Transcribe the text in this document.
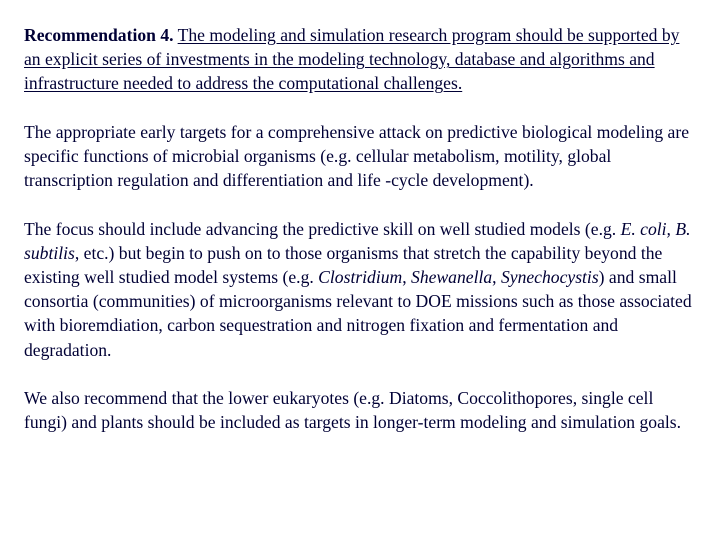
Recommendation 4. The modeling and simulation research program should be supported by an explicit series of investments in the modeling technology, database and algorithms and infrastructure needed to address the computational challenges.

The appropriate early targets for a comprehensive attack on predictive biological modeling are specific functions of microbial organisms (e.g. cellular metabolism, motility, global transcription regulation and differentiation and life -cycle development).

The focus should include advancing the predictive skill on well studied models (e.g. E. coli, B. subtilis, etc.) but begin to push on to those organisms that stretch the capability beyond the existing well studied model systems (e.g. Clostridium, Shewanella, Synechocystis) and small consortia (communities) of microorganisms relevant to DOE missions such as those associated with bioremdiation, carbon sequestration and nitrogen fixation and fermentation and degradation.

We also recommend that the lower eukaryotes (e.g. Diatoms, Coccolithopores, single cell fungi) and plants should be included as targets in longer-term modeling and simulation goals.
